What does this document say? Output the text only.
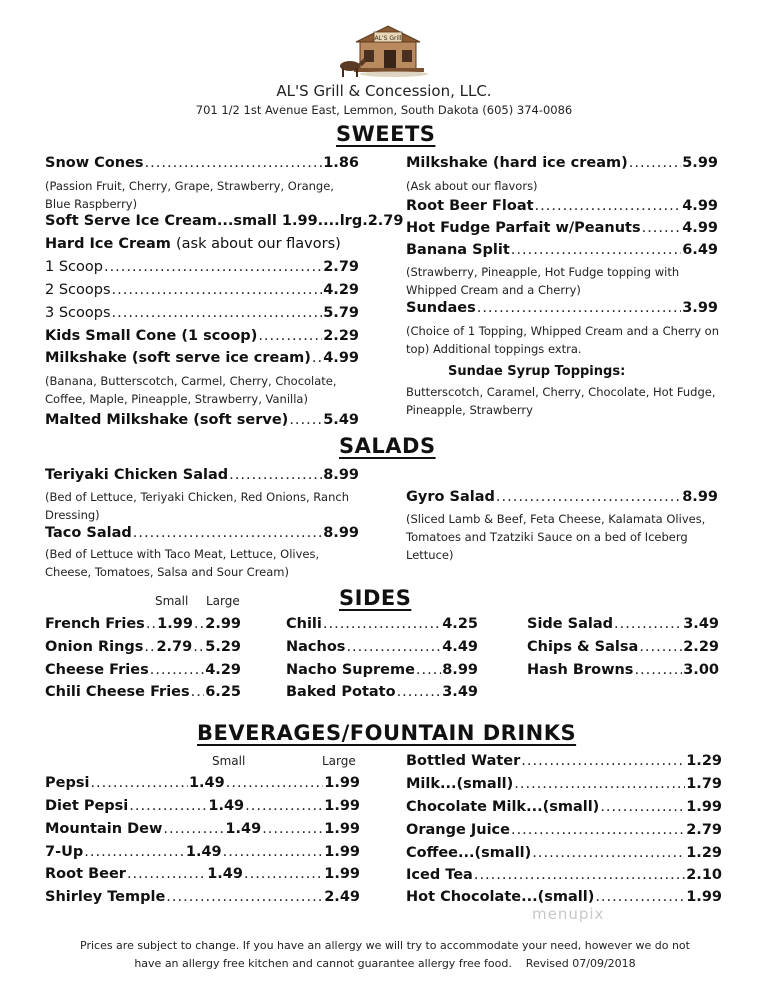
AL'S Grill
AL'S Grill & Concession, LLC.
701 1/2 1st Avenue East, Lemmon, South Dakota (605) 374-0086
SWEETS
Snow Cones .....	1.86
(Passion Fruit, Cherry, Grape, Strawberry, Orange, Blue Raspberry)
Soft Serve Ice Cream...small 1.99....lrg. 2.79
Hard Ice Cream
(ask about our flavors)
1 Scoop .....	2.79
2 Scoops .....	4.29
3 Scoops .....	5.79
Kids Small Cone (1 scoop) .....	2.29
Milkshake (soft serve ice cream) ..... 4.99
(Banana, Butterscotch, Carmel, Cherry, Chocolate, Coffee, Maple, Pineapple, Strawberry, Vanilla)
Malted Milkshake (soft serve) ..... 5.49
Milkshake (hard ice cream) .....	5.99
(Ask about our flavors)
Root Beer Float .....	4.99
Hot Fudge Parfait w/Peanuts .....	4.99
Banana Split .....	6.49
(Strawberry, Pineapple, Hot Fudge topping with Whipped Cream and a Cherry)
Sundaes .....	3.99
(Choice of 1 Topping, Whipped Cream and a Cherry on top) Additional toppings extra.
Sundae Syrup Toppings:
Butterscotch, Caramel, Cherry, Chocolate, Hot Fudge, Pineapple, Strawberry
SALADS
Teriyaki Chicken Salad .....	8.99
(Bed of Lettuce, Teriyaki Chicken, Red Onions, Ranch Dressing)
Taco Salad .....	8.99
(Bed of Lettuce with Taco Meat, Lettuce, Olives, Cheese, Tomatoes, Salsa and Sour Cream)
Gyro Salad .....	8.99
(Sliced Lamb & Beef, Feta Cheese, Kalamata Olives, Tomatoes and Tzatziki Sauce on a bed of Iceberg Lettuce)
SIDES
Small Large
French Fries ..... 1.99 ..... 2.99
Onion Rings ..... 2.79 ..... 5.29
Cheese Fries .....	4.29
Chili Cheese Fries ..... 6.25
Chili .....	4.25
Nachos .....	4.49
Nacho Supreme ..... 8.99
Baked Potato .....	3.49
Side Salad .....	3.49
Chips & Salsa .....	2.29
Hash Browns .....	3.00
BEVERAGES/FOUNTAIN DRINKS
Small	Large
Pepsi .....	1.49 .....	1.99
Diet Pepsi .....	1.49 .....	1.99
Mountain Dew .....	1.49 .....	1.99
7-Up .....	1.49 .....	1.99
Root Beer .....	1.49 .....	1.99
Shirley Temple .....	2.49
Bottled Water .....	1.29
Milk...(small) .....	1.79
Chocolate Milk...(small) .....	1.99
Orange Juice .....	2.79
Coffee...(small) .....	1.29
Iced Tea .....	2.10
Hot Chocolate...(small) .....	1.99
menupix
Prices are subject to change. If you have an allergy we will try to accommodate your need, however we do not
have an allergy free kitchen and cannot guarantee allergy free food.    Revised 07/09/2018
